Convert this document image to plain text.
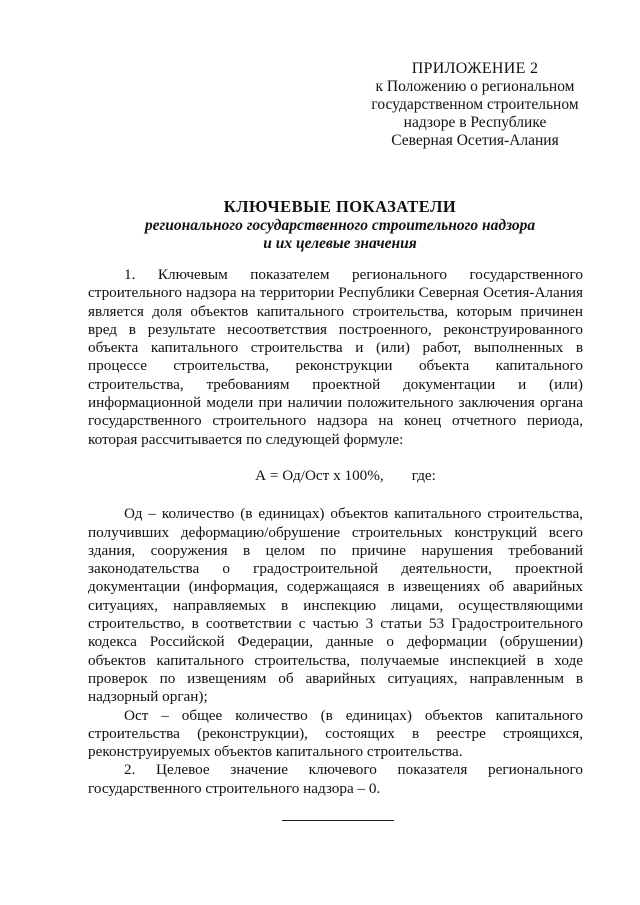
ПРИЛОЖЕНИЕ 2
к Положению о региональном
государственном строительном
надзоре в Республике
Северная Осетия-Алания
КЛЮЧЕВЫЕ ПОКАЗАТЕЛИ
регионального государственного строительного надзора
и их целевые значения

1. Ключевым показателем регионального государственного строительного надзора на территории Республики Северная Осетия-Алания является доля объектов капитального строительства, которым причинен вред в результате несоответствия построенного, реконструированного объекта капитального строительства и (или) работ, выполненных в процессе строительства, реконструкции объекта капитального строительства, требованиям проектной документации и (или) информационной модели при наличии положительного заключения органа государственного строительного надзора на конец отчетного периода, которая рассчитывается по следующей формуле:

А = Од/Ост х 100%, где:

Од – количество (в единицах) объектов капитального строительства, получивших деформацию/обрушение строительных конструкций всего здания, сооружения в целом по причине нарушения требований законодательства о градостроительной деятельности, проектной документации (информация, содержащаяся в извещениях об аварийных ситуациях, направляемых в инспекцию лицами, осуществляющими строительство, в соответствии с частью 3 статьи 53 Градостроительного кодекса Российской Федерации, данные о деформации (обрушении) объектов капитального строительства, получаемые инспекцией в ходе проверок по извещениям об аварийных ситуациях, направленным в надзорный орган);

Ост – общее количество (в единицах) объектов капитального строительства (реконструкции), состоящих в реестре строящихся, реконструируемых объектов капитального строительства.

2. Целевое значение ключевого показателя регионального государственного строительного надзора – 0.
